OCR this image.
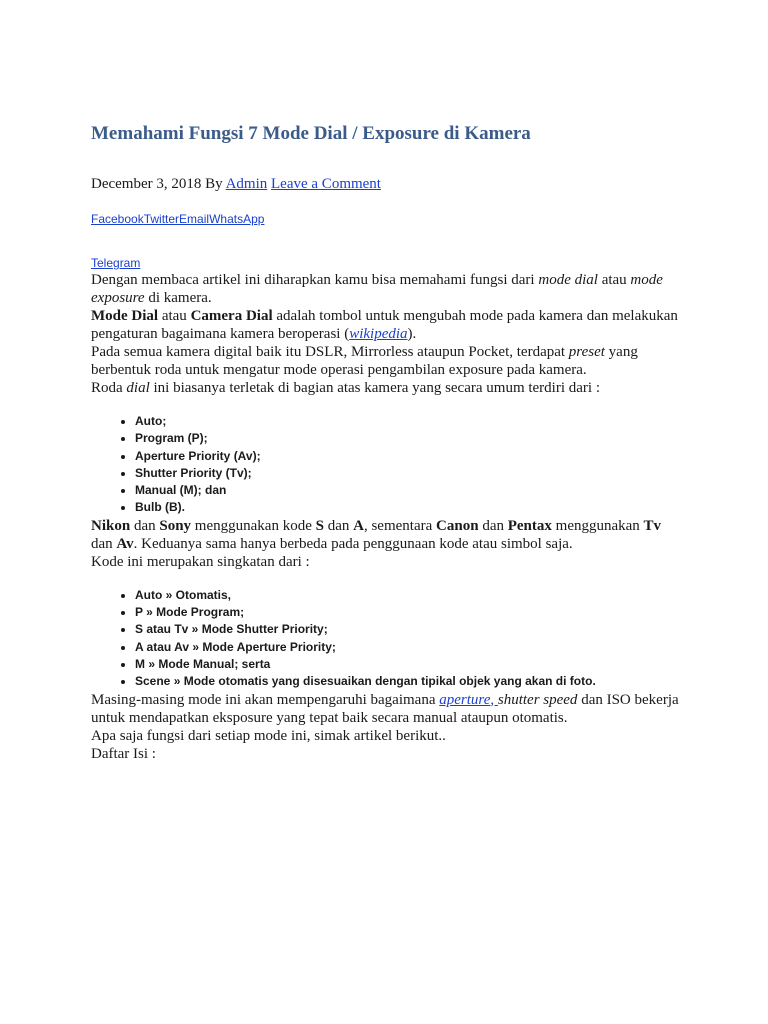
Memahami Fungsi 7 Mode Dial / Exposure di Kamera
December 3, 2018 By Admin Leave a Comment
FacebookTwitterEmailWhatsApp
Telegram

Dengan membaca artikel ini diharapkan kamu bisa memahami fungsi dari mode dial atau mode exposure di kamera.

Mode Dial atau Camera Dial adalah tombol untuk mengubah mode pada kamera dan melakukan pengaturan bagaimana kamera beroperasi (wikipedia).

Pada semua kamera digital baik itu DSLR, Mirrorless ataupun Pocket, terdapat preset yang berbentuk roda untuk mengatur mode operasi pengambilan exposure pada kamera.

Roda dial ini biasanya terletak di bagian atas kamera yang secara umum terdiri dari :

• Auto;
• Program (P);
• Aperture Priority (Av);
• Shutter Priority (Tv);
• Manual (M); dan
• Bulb (B).

Nikon dan Sony menggunakan kode S dan A, sementara Canon dan Pentax menggunakan Tv dan Av. Keduanya sama hanya berbeda pada penggunaan kode atau simbol saja.

Kode ini merupakan singkatan dari :

• Auto » Otomatis,
• P » Mode Program;
• S atau Tv » Mode Shutter Priority;
• A atau Av » Mode Aperture Priority;
• M » Mode Manual; serta
• Scene » Mode otomatis yang disesuaikan dengan tipikal objek yang akan di foto.

Masing-masing mode ini akan mempengaruhi bagaimana aperture, shutter speed dan ISO bekerja untuk mendapatkan eksposure yang tepat baik secara manual ataupun otomatis.

Apa saja fungsi dari setiap mode ini, simak artikel berikut..

Daftar Isi :
